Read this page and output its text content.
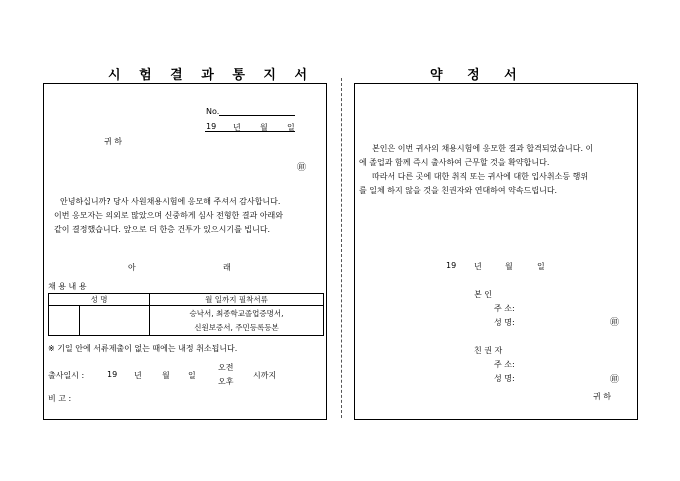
시 험 결 과 통 지 서
No.
19 년 월 일
귀 하
㊞
안녕하십니까? 당사 사원채용시험에 응모해 주셔서 감사합니다.
이번 응모자는 의외로 많았으며 신중하게 심사 전형한 결과 아래와
같이 결정했습니다. 앞으로 더 한층 건투가 있으시기를 빕니다.
아	래
채 용 내 용
성 명		월 일까지 필착서류

		승낙서, 최종학교졸업증명서,
신원보증서, 주민등록등본
※ 기일 안에 서류제출이 없는 때에는 내정 취소됩니다.
출사일시 :	19 년	월 일
오전
오후
시까지
비 고 :
약 정 서
본인은 이번 귀사의 채용시험에 응모한 결과 합격되었습니다. 이
에 졸업과 함께 즉시 출사하여 근무할 것을 확약합니다.
따라서 다른 곳에 대한 취직 또는 귀사에 대한 입사취소등 행위
를 일체 하지 않을 것을 친권자와 연대하여 약속드립니다.
19 년	월	일
본 인
주 소:
성 명:	㊞
친 권 자
주 소:
성 명:	㊞
귀 하
